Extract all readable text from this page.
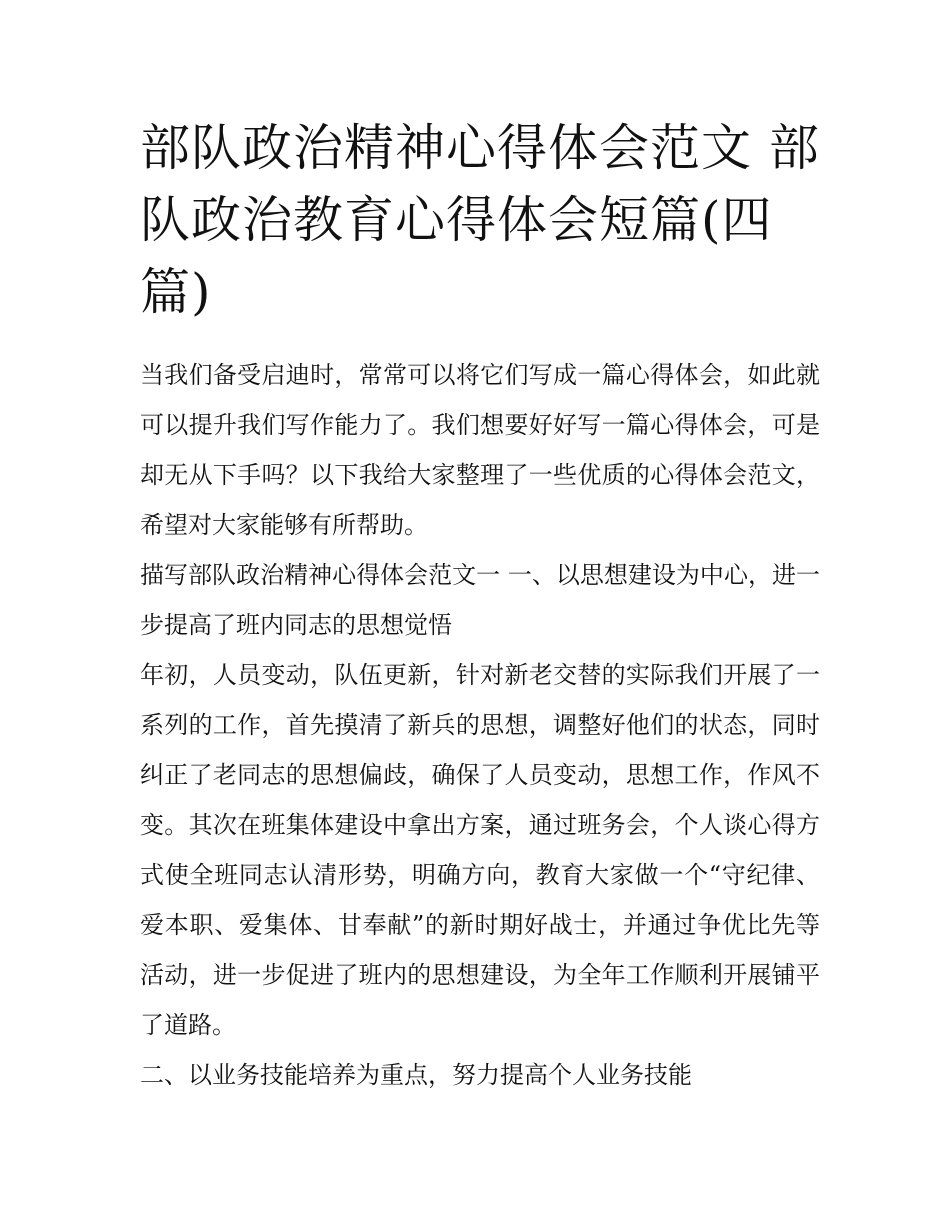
部队政治精神心得体会范文 部队政治教育心得体会短篇(四篇)

当我们备受启迪时，常常可以将它们写成一篇心得体会，如此就可以提升我们写作能力了。我们想要好好写一篇心得体会，可是却无从下手吗？以下我给大家整理了一些优质的心得体会范文，希望对大家能够有所帮助。

描写部队政治精神心得体会范文一 一、以思想建设为中心，进一步提高了班内同志的思想觉悟

年初，人员变动，队伍更新，针对新老交替的实际我们开展了一系列的工作，首先摸清了新兵的思想，调整好他们的状态，同时纠正了老同志的思想偏歧，确保了人员变动，思想工作，作风不变。其次在班集体建设中拿出方案，通过班务会，个人谈心得方式使全班同志认清形势，明确方向，教育大家做一个“守纪律、爱本职、爱集体、甘奉献”的新时期好战士，并通过争优比先等活动，进一步促进了班内的思想建设，为全年工作顺利开展铺平了道路。

二、以业务技能培养为重点，努力提高个人业务技能
